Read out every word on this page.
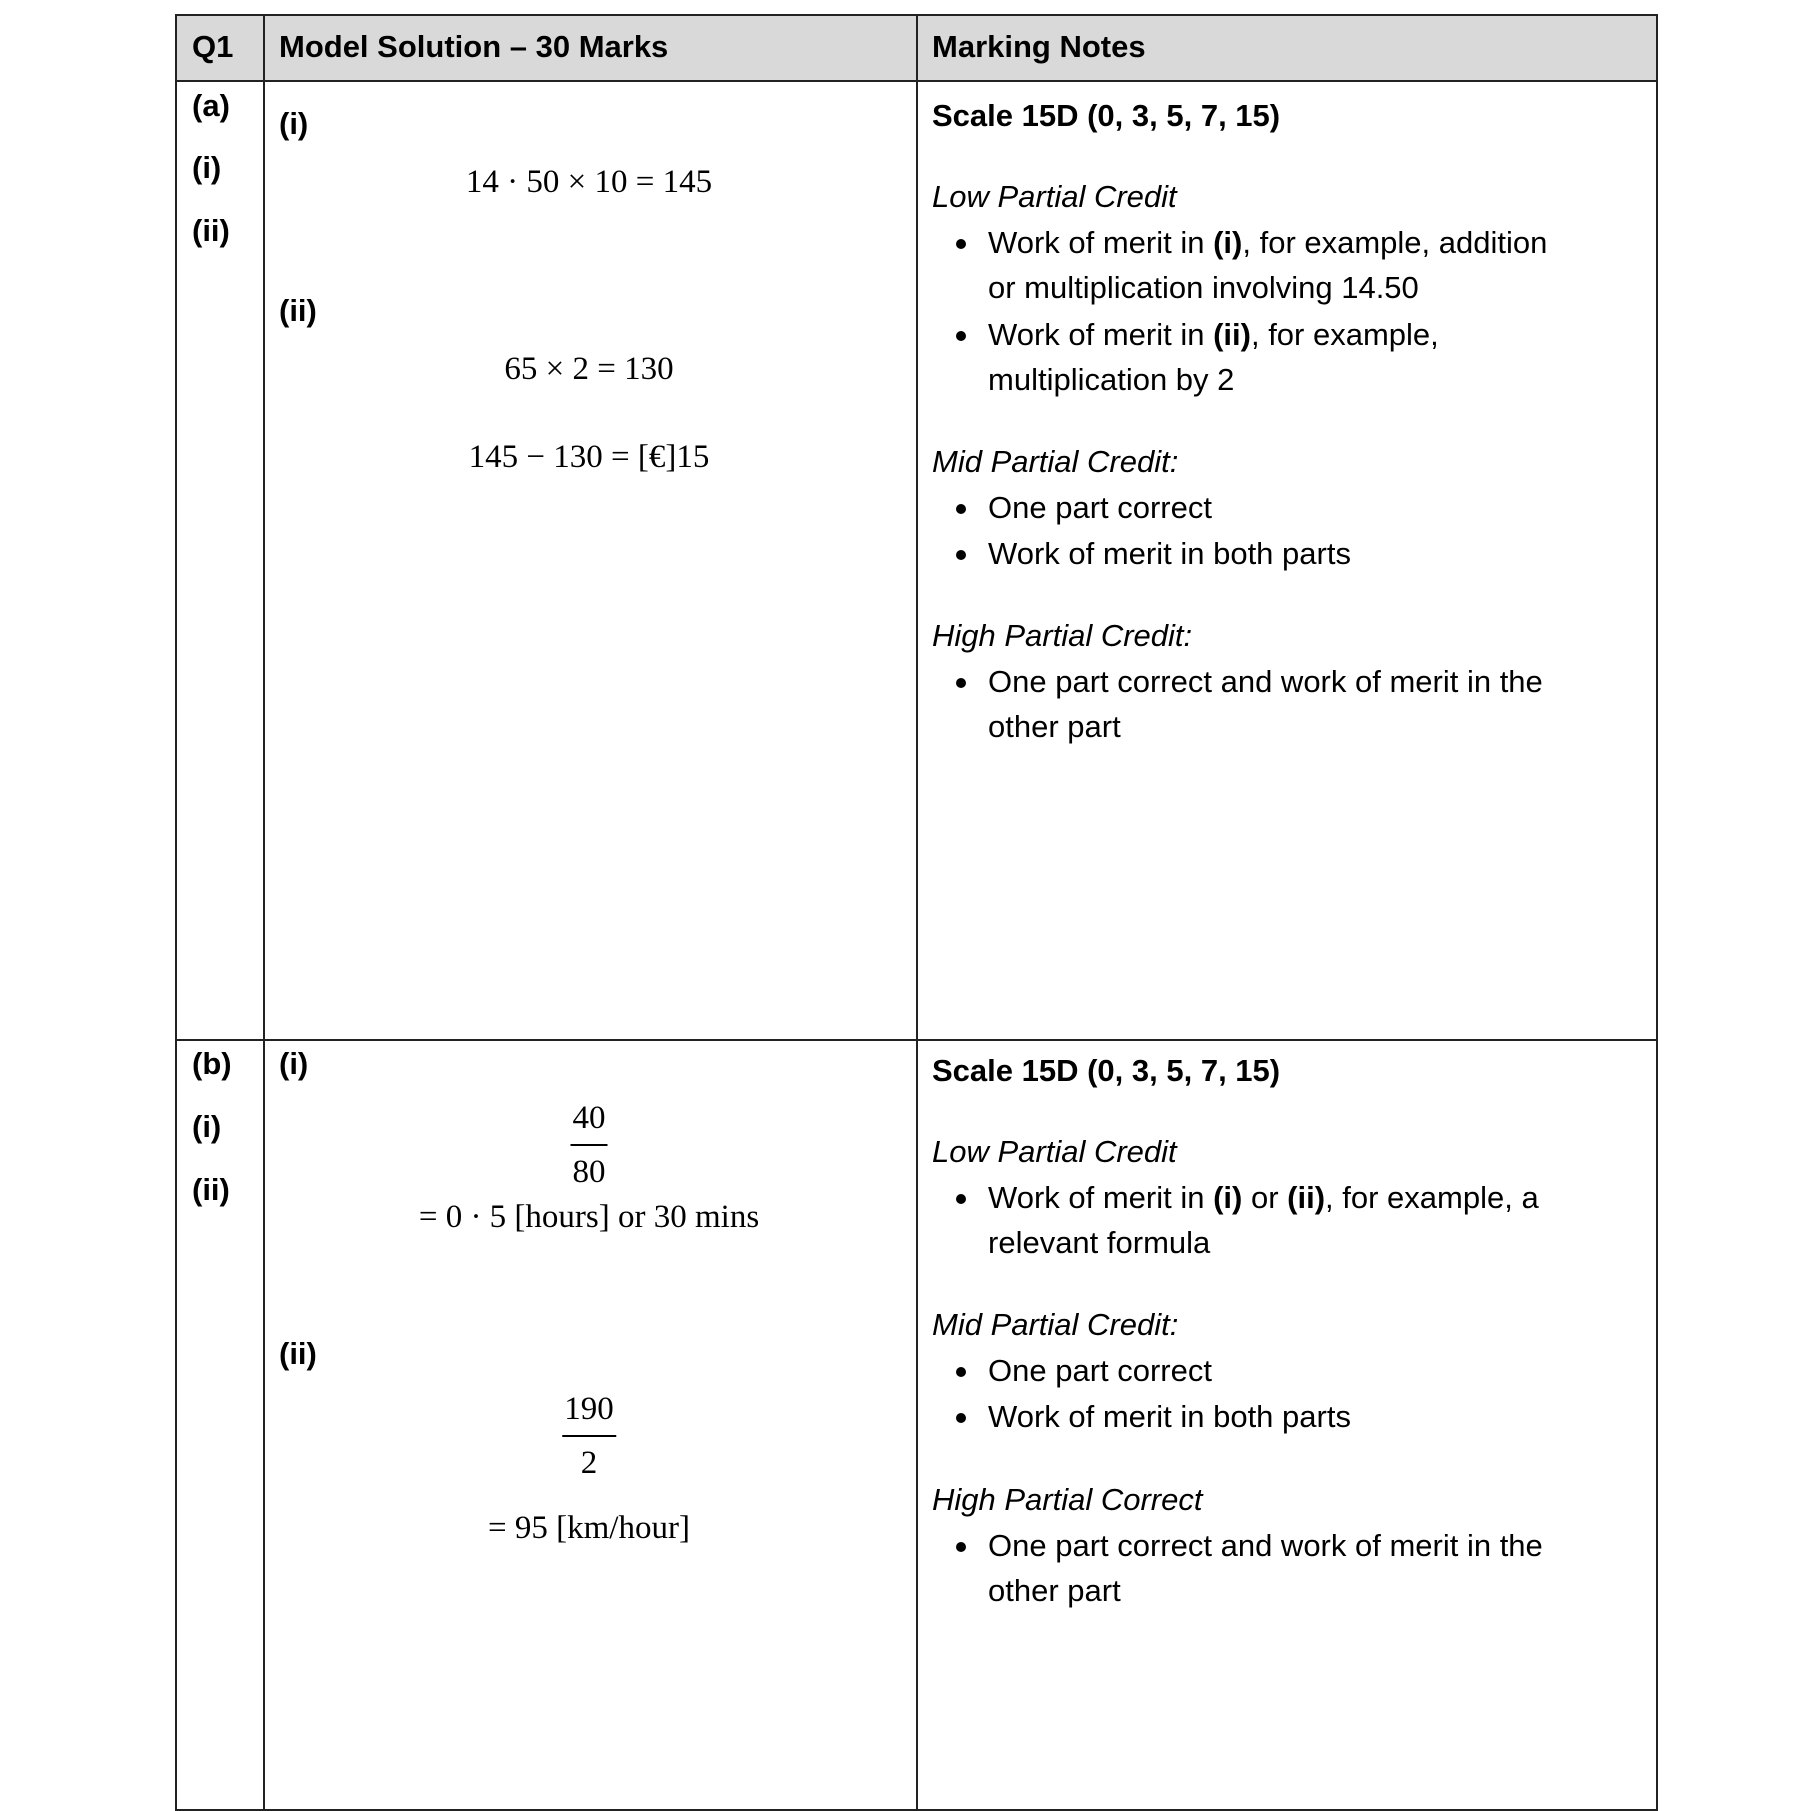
Q1 Model Solution – 30 Marks	Marking Notes
(a)
(i)
(ii)
(i)
14 · 50 × 10 = 145
(ii)
65 × 2 = 130
145 − 130 = [€]15
Scale 15D (0, 3, 5, 7, 15)
Low Partial Credit
Work of merit in (i), for example, addition
or multiplication involving 14.50
Work of merit in (ii), for example,
multiplication by 2
Mid Partial Credit:
One part correct
Work of merit in both parts
High Partial Credit:
One part correct and work of merit in the
other part
(b)
(i)
(ii)
(i)
$\frac{40}{80}$
= 0 · 5 [hours] or 30 mins
(ii)
$\frac{190}{2}$
= 95 [km/hour]
Scale 15D (0, 3, 5, 7, 15)
Low Partial Credit
Work of merit in (i) or (ii), for example, a
relevant formula
Mid Partial Credit:
One part correct
Work of merit in both parts
High Partial Correct
One part correct and work of merit in the
other part
